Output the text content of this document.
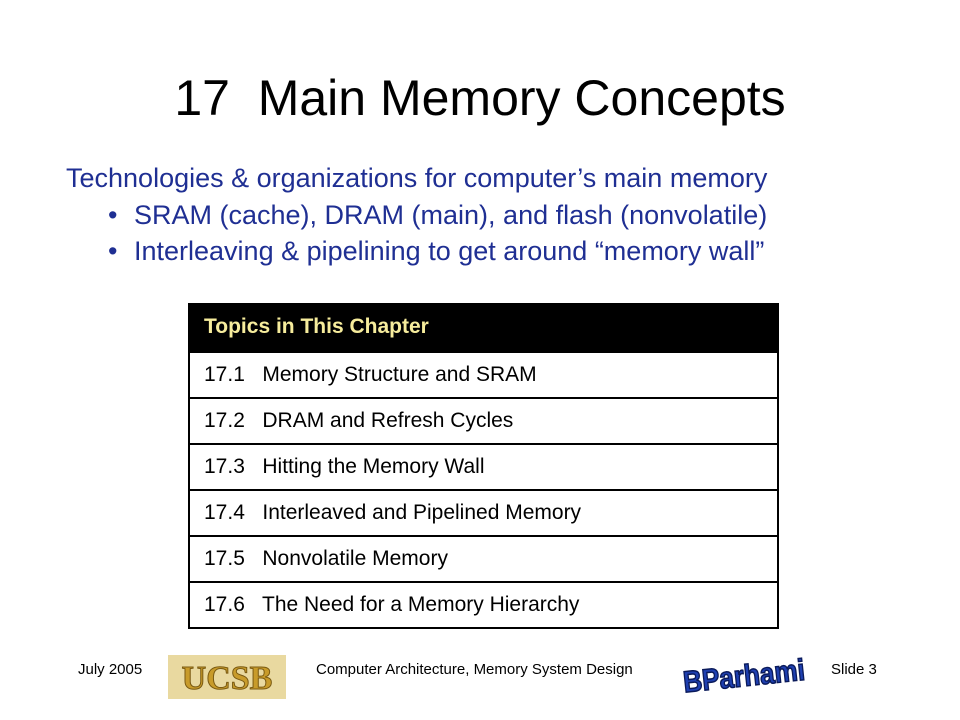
17  Main Memory Concepts
Technologies & organizations for computer’s main memory
• SRAM (cache), DRAM (main), and flash (nonvolatile)
• Interleaving & pipelining to get around “memory wall”
Topics in This Chapter
17.1   Memory Structure and SRAM
17.2   DRAM and Refresh Cycles
17.3   Hitting the Memory Wall
17.4   Interleaved and Pipelined Memory
17.5   Nonvolatile Memory
17.6   The Need for a Memory Hierarchy
July 2005 UCSB	Computer Architecture, Memory System Design BParhami Slide 3
